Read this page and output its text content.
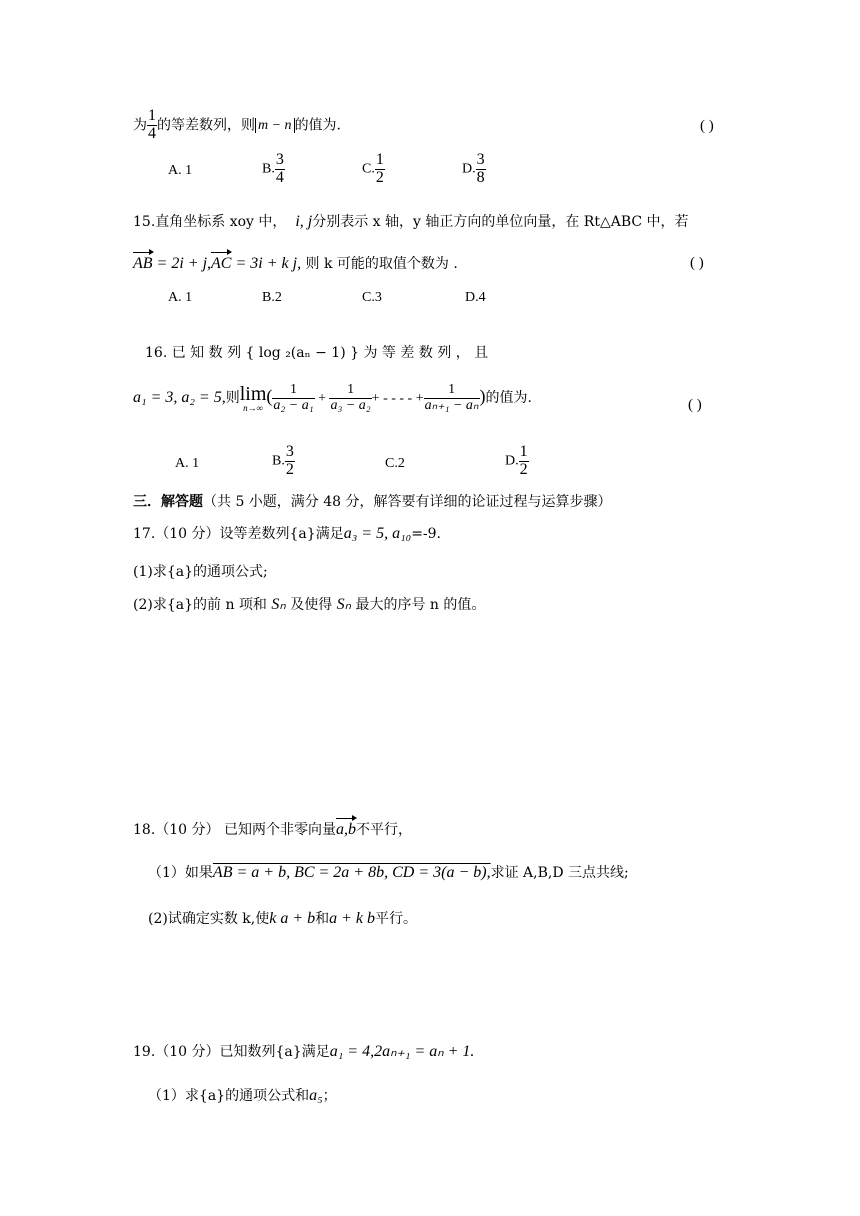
为 $\frac{1}{4}$ 的等差数列，则 m − n 的值为.	( )
A. 1	B. $\frac{3}{4}$	C. $\frac{1}{2}$	D. $\frac{3}{8}$
15.直角坐标系 xoy 中， i, j分别表示 x 轴，y 轴正方向的单位向量，在 Rt△ABC 中，若
AB = 2i + j,AC = 3i + k j, 则 k 可能的取值个数为 .	( )
A. 1	B.2	C.3	D.4
16. 已 知 数 列 { log ₂(aₙ − 1) } 为 等 差 数 列 ， 且
a₁ = 3, a₂ = 5,则lim
n→∞
( $\frac{1}{\text{a₂ − a₁}} + \frac{1}{\text{a₃ − a₂}}$ + - - - - + $\frac{1}{\text{aₙ₊₁ − aₙ}}$ )的值为.	( )
A. 1	B. $\frac{3}{2}$	C.2	D. $\frac{1}{2}$
三．解答题（共 5 小题，满分 48 分，解答要有详细的论证过程与运算步骤）
17.（10 分）设等差数列{a}满足a₃ = 5, a₁₀=-9.
(1)求{a}的通项公式;
(2)求{a}的前 n 项和 Sₙ 及使得 Sₙ 最大的序号 n 的值。
18.（10 分） 已知两个非零向量a,b不平行，
（1）如果AB = a + b, BC = 2a + 8b, CD = 3(a − b),求证 A,B,D 三点共线;
(2)试确定实数 k,使k a + b和a + k b平行。
19.（10 分）已知数列{a}满足a₁ = 4,2aₙ₊₁ = aₙ + 1.
（1）求{a}的通项公式和a₅；
